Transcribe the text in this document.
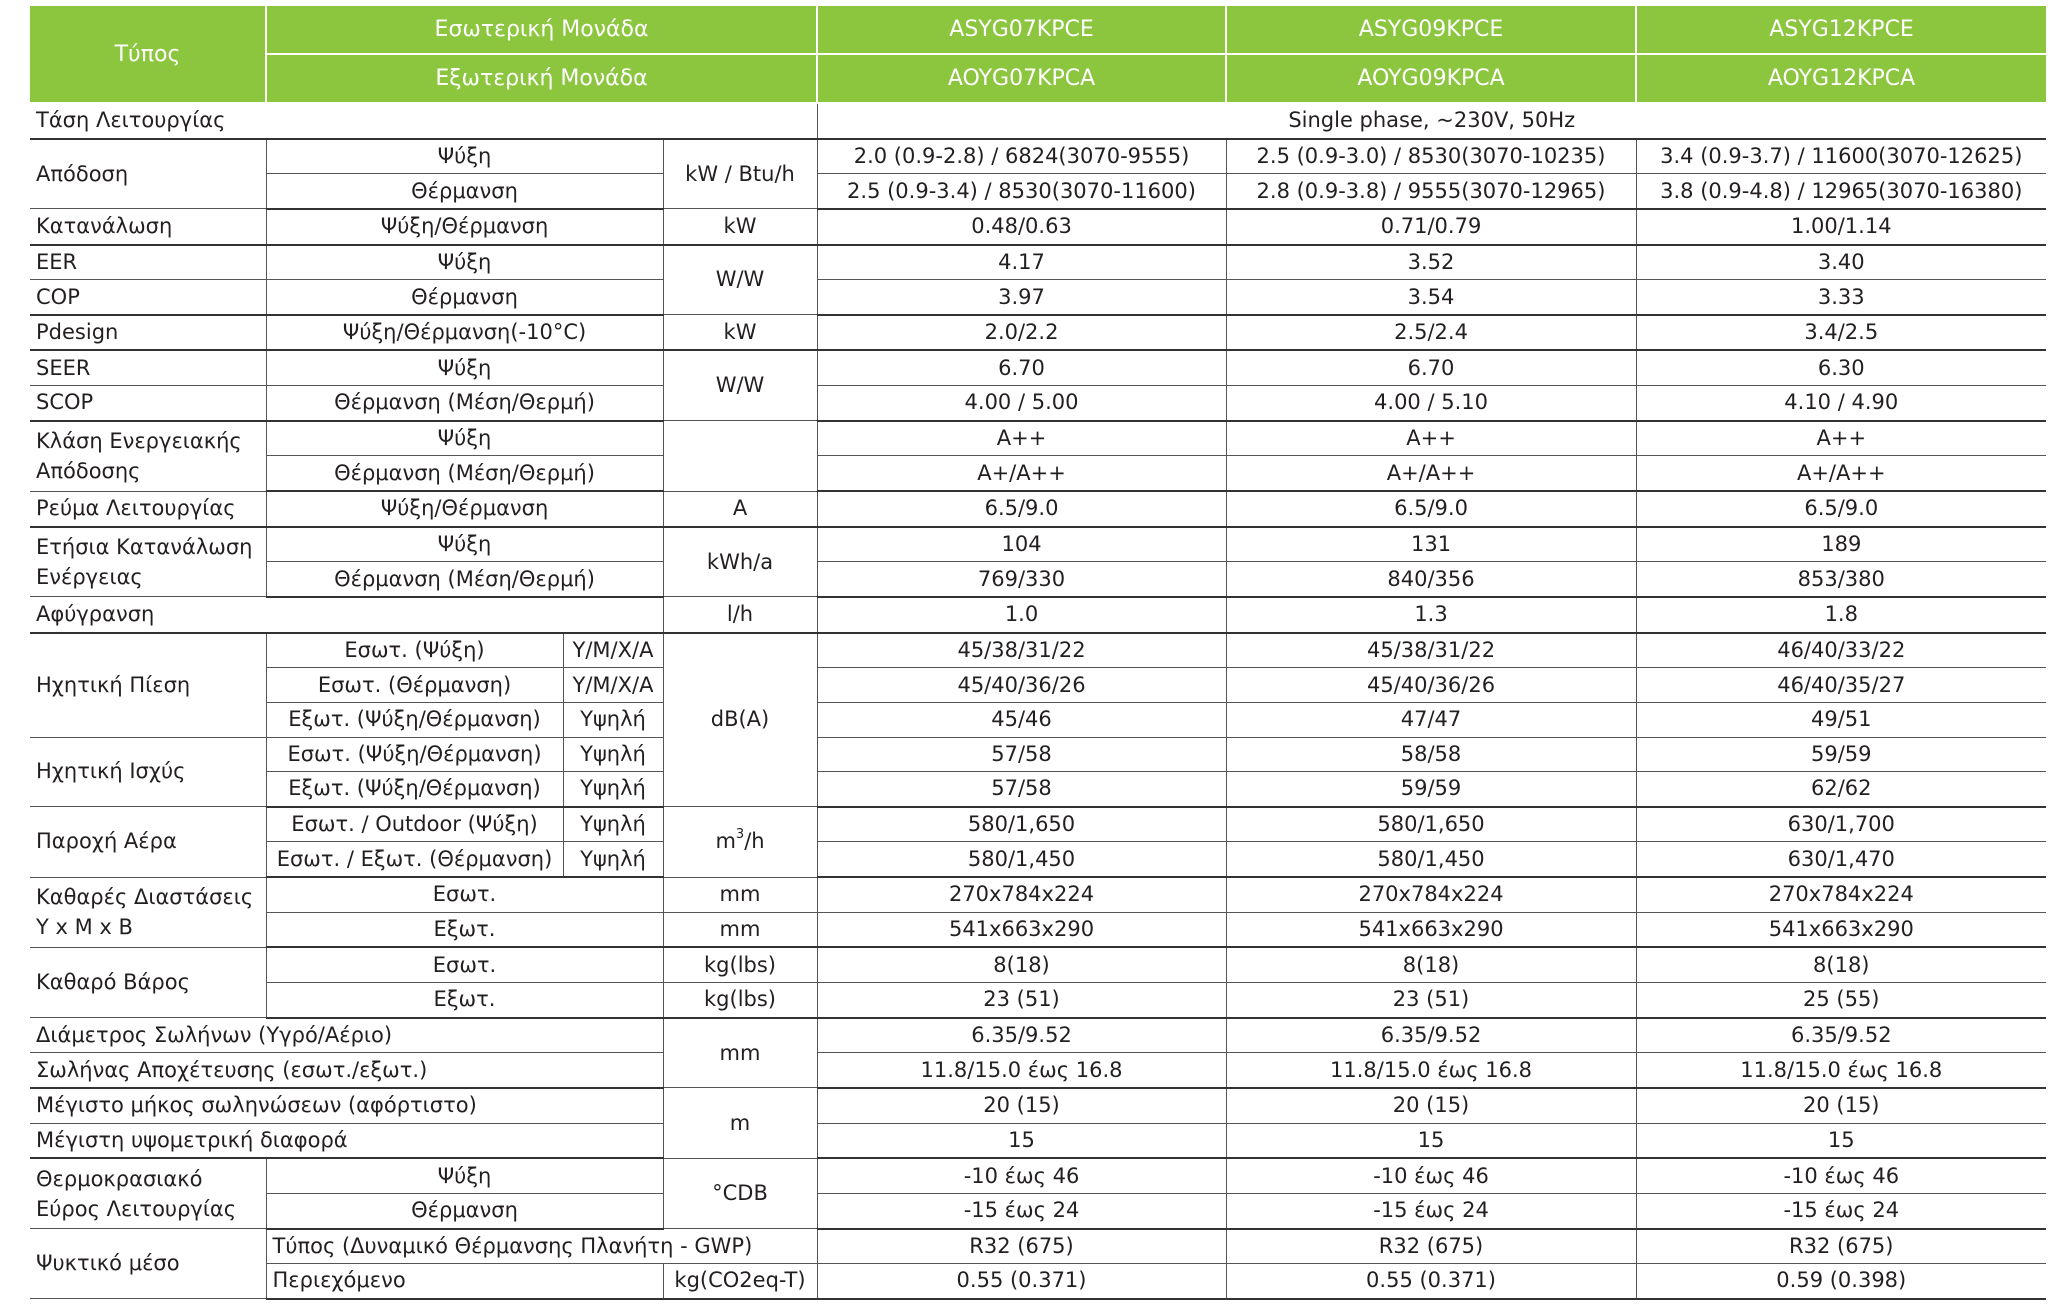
Τύπος	Εσωτερική Μονάδα			ASYG07KPCE	ASYG09KPCE	ASYG12KPCE
	Εξωτερική Μονάδα			AOYG07KPCA	AOYG09KPCA	AOYG12KPCA
Τάση Λειτουργίας				Single phase, ~230V, 50Hz		
Απόδοση	Ψύξη		kW / Btu/h	2.0 (0.9-2.8) / 6824(3070-9555)	2.5 (0.9-3.0) / 8530(3070-10235)	3.4 (0.9-3.7) / 11600(3070-12625)
	Θέρμανση			2.5 (0.9-3.4) / 8530(3070-11600)	2.8 (0.9-3.8) / 9555(3070-12965)	3.8 (0.9-4.8) / 12965(3070-16380)
Κατανάλωση	Ψύξη/Θέρμανση		kW	0.48/0.63	0.71/0.79	1.00/1.14
EER	Ψύξη		W/W	4.17	3.52	3.40
COP	Θέρμανση			3.97	3.54	3.33
Pdesign	Ψύξη/Θέρμανση(-10°C)		kW	2.0/2.2	2.5/2.4	3.4/2.5
SEER	Ψύξη		W/W	6.70	6.70	6.30
SCOP	Θέρμανση (Μέση/Θερμή)			4.00 / 5.00	4.00 / 5.10	4.10 / 4.90
Κλάση Ενεργειακής
Απόδοσης	Ψύξη			A++	A++	A++
	Θέρμανση (Μέση/Θερμή)			A+/A++	A+/A++	A+/A++
Ρεύμα Λειτουργίας	Ψύξη/Θέρμανση		A	6.5/9.0	6.5/9.0	6.5/9.0
Ετήσια Κατανάλωση
Ενέργειας	Ψύξη		kWh/a	104	131	189
	Θέρμανση (Μέση/Θερμή)			769/330	840/356	853/380
Αφύγρανση			l/h	1.0	1.3	1.8
Ηχητική Πίεση	Εσωτ. (Ψύξη)	Υ/Μ/Χ/Α	dB(A)	45/38/31/22	45/38/31/22	46/40/33/22
	Εσωτ. (Θέρμανση)	Υ/Μ/Χ/Α		45/40/36/26	45/40/36/26	46/40/35/27
	Εξωτ. (Ψύξη/Θέρμανση)	Υψηλή		45/46	47/47	49/51
Ηχητική Ισχύς	Εσωτ. (Ψύξη/Θέρμανση)	Υψηλή		57/58	58/58	59/59
	Εξωτ. (Ψύξη/Θέρμανση)	Υψηλή		57/58	59/59	62/62
Παροχή Αέρα	Εσωτ. / Outdoor (Ψύξη)	Υψηλή	$m^3/h$	580/1,650	580/1,650	630/1,700
	Εσωτ. / Εξωτ. (Θέρμανση)	Υψηλή		580/1,450	580/1,450	630/1,470
Καθαρές Διαστάσεις
Υ x Μ x Β	Εσωτ.		mm	270x784x224	270x784x224	270x784x224
	Εξωτ.		mm	541x663x290	541x663x290	541x663x290
Καθαρό Βάρος	Εσωτ.		kg(lbs)	8(18)	8(18)	8(18)
	Εξωτ.		kg(lbs)	23 (51)	23 (51)	25 (55)
Διάμετρος Σωλήνων (Υγρό/Αέριο)			mm	6.35/9.52	6.35/9.52	6.35/9.52
Σωλήνας Αποχέτευσης (εσωτ./εξωτ.)				11.8/15.0 έως 16.8	11.8/15.0 έως 16.8	11.8/15.0 έως 16.8
Μέγιστο μήκος σωληνώσεων (αφόρτιστο)			m	20 (15)	20 (15)	20 (15)
Μέγιστη υψομετρική διαφορά				15	15	15
Θερμοκρασιακό
Εύρος Λειτουργίας	Ψύξη		°CDB	-10 έως 46	-10 έως 46	-10 έως 46
	Θέρμανση			-15 έως 24	-15 έως 24	-15 έως 24
Ψυκτικό μέσο	Τύπος (Δυναμικό Θέρμανσης Πλανήτη - GWP)			R32 (675)	R32 (675)	R32 (675)
	Περιεχόμενο		kg(CO2eq-T)	0.55 (0.371)	0.55 (0.371)	0.59 (0.398)
